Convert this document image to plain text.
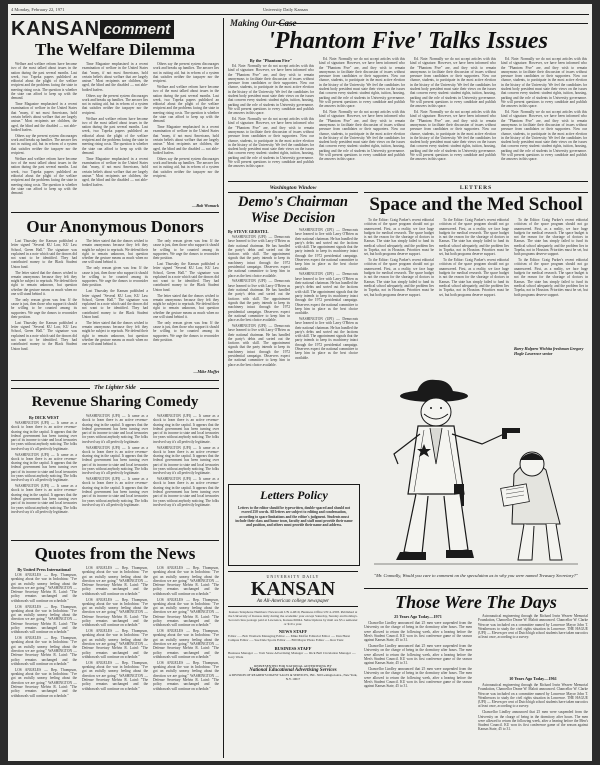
4 Monday, February 22, 1971	University Daily Kansan
KANSAN comment
The Welfare Dilemma

Welfare and welfare reform have become two of the most talked about issues in the nation during the past several months. Last week, two Topeka papers published an editorial about the plight of the welfare recipient and the problems facing the state in meeting rising costs. The question is whether the state can afford to keep up with the demand.

Time Magazine emphasized in a recent examination of welfare in the United States that "many, if not most Americans, hold certain beliefs about welfare that are largely untrue." Most recipients are children, the aged, the blind and the disabled — not able-bodied loafers.

Others say the present system discourages work and breaks up families. The answer lies not in cutting aid, but in reform of a system that satisfies neither the taxpayer nor the recipient.

Welfare and welfare reform have become two of the most talked about issues in the nation during the past several months. Last week, two Topeka papers published an editorial about the plight of the welfare recipient and the problems facing the state in meeting rising costs. The question is whether the state can afford to keep up with the demand.

Time Magazine emphasized in a recent examination of welfare in the United States that "many, if not most Americans, hold certain beliefs about welfare that are largely untrue." Most recipients are children, the aged, the blind and the disabled — not able-bodied loafers.

Others say the present system discourages work and breaks up families. The answer lies not in cutting aid, but in reform of a system that satisfies neither the taxpayer nor the recipient.

Welfare and welfare reform have become two of the most talked about issues in the nation during the past several months. Last week, two Topeka papers published an editorial about the plight of the welfare recipient and the problems facing the state in meeting rising costs. The question is whether the state can afford to keep up with the demand.

Time Magazine emphasized in a recent examination of welfare in the United States that "many, if not most Americans, hold certain beliefs about welfare that are largely untrue." Most recipients are children, the aged, the blind and the disabled — not able-bodied loafers.

Others say the present system discourages work and breaks up families. The answer lies not in cutting aid, but in reform of a system that satisfies neither the taxpayer nor the recipient.

Welfare and welfare reform have become two of the most talked about issues in the nation during the past several months. Last week, two Topeka papers published an editorial about the plight of the welfare recipient and the problems facing the state in meeting rising costs. The question is whether the state can afford to keep up with the demand.

Time Magazine emphasized in a recent examination of welfare in the United States that "many, if not most Americans, hold certain beliefs about welfare that are largely untrue." Most recipients are children, the aged, the blind and the disabled — not able-bodied loafers.

Others say the present system discourages work and breaks up families. The answer lies not in cutting aid, but in reform of a system that satisfies neither the taxpayer nor the recipient.

—Bob Womack
Our Anonymous Donors

Last Thursday the Kansan published a letter signed "Several KU Law, KU Law School, Green Hall." The signature was explained in a note which said the donors did not want to be identified. They had contributed money to the Black Student Union fund.

The letter stated that the donors wished to remain anonymous because they felt they might be subject to reprisals. We defend their right to remain unknown, but question whether the gesture means as much when no one will stand behind it.

The only reason given was fear. If the cause is just, then those who support it should be willing to be counted among its supporters. We urge the donors to reconsider their position.

Last Thursday the Kansan published a letter signed "Several KU Law, KU Law School, Green Hall." The signature was explained in a note which said the donors did not want to be identified. They had contributed money to the Black Student Union fund.

The letter stated that the donors wished to remain anonymous because they felt they might be subject to reprisals. We defend their right to remain unknown, but question whether the gesture means as much when no one will stand behind it.

The only reason given was fear. If the cause is just, then those who support it should be willing to be counted among its supporters. We urge the donors to reconsider their position.

Last Thursday the Kansan published a letter signed "Several KU Law, KU Law School, Green Hall." The signature was explained in a note which said the donors did not want to be identified. They had contributed money to the Black Student Union fund.

The letter stated that the donors wished to remain anonymous because they felt they might be subject to reprisals. We defend their right to remain unknown, but question whether the gesture means as much when no one will stand behind it.

The only reason given was fear. If the cause is just, then those who support it should be willing to be counted among its supporters. We urge the donors to reconsider their position.

Last Thursday the Kansan published a letter signed "Several KU Law, KU Law School, Green Hall." The signature was explained in a note which said the donors did not want to be identified. They had contributed money to the Black Student Union fund.

The letter stated that the donors wished to remain anonymous because they felt they might be subject to reprisals. We defend their right to remain unknown, but question whether the gesture means as much when no one will stand behind it.

The only reason given was fear. If the cause is just, then those who support it should be willing to be counted among its supporters. We urge the donors to reconsider their position.

—Mike Moffet
The Lighter Side
Revenue Sharing Comedy
By DICK WEST

WASHINGTON (UPI) — It came as a shock to learn there is an active revenue-sharing ring in the capital. It appears that the federal government has been turning over part of its income to state and local treasuries for years without anybody noticing. The folks involved say it's all perfectly legitimate.

WASHINGTON (UPI) — It came as a shock to learn there is an active revenue-sharing ring in the capital. It appears that the federal government has been turning over part of its income to state and local treasuries for years without anybody noticing. The folks involved say it's all perfectly legitimate.

WASHINGTON (UPI) — It came as a shock to learn there is an active revenue-sharing ring in the capital. It appears that the federal government has been turning over part of its income to state and local treasuries for years without anybody noticing. The folks involved say it's all perfectly legitimate.

WASHINGTON (UPI) — It came as a shock to learn there is an active revenue-sharing ring in the capital. It appears that the federal government has been turning over part of its income to state and local treasuries for years without anybody noticing. The folks involved say it's all perfectly legitimate.

WASHINGTON (UPI) — It came as a shock to learn there is an active revenue-sharing ring in the capital. It appears that the federal government has been turning over part of its income to state and local treasuries for years without anybody noticing. The folks involved say it's all perfectly legitimate.

WASHINGTON (UPI) — It came as a shock to learn there is an active revenue-sharing ring in the capital. It appears that the federal government has been turning over part of its income to state and local treasuries for years without anybody noticing. The folks involved say it's all perfectly legitimate.

WASHINGTON (UPI) — It came as a shock to learn there is an active revenue-sharing ring in the capital. It appears that the federal government has been turning over part of its income to state and local treasuries for years without anybody noticing. The folks involved say it's all perfectly legitimate.

WASHINGTON (UPI) — It came as a shock to learn there is an active revenue-sharing ring in the capital. It appears that the federal government has been turning over part of its income to state and local treasuries for years without anybody noticing. The folks involved say it's all perfectly legitimate.

WASHINGTON (UPI) — It came as a shock to learn there is an active revenue-sharing ring in the capital. It appears that the federal government has been turning over part of its income to state and local treasuries for years without anybody noticing. The folks involved say it's all perfectly legitimate.

Quotes from the News
By United Press International

LOS ANGELES — Rep. Thompson, speaking about the war in Indochina: "I've got an awfully uneasy feeling about the direction we are going." WASHINGTON — Defense Secretary Melvin R. Laird: "The policy remains unchanged and the withdrawals will continue on schedule."

LOS ANGELES — Rep. Thompson, speaking about the war in Indochina: "I've got an awfully uneasy feeling about the direction we are going." WASHINGTON — Defense Secretary Melvin R. Laird: "The policy remains unchanged and the withdrawals will continue on schedule."

LOS ANGELES — Rep. Thompson, speaking about the war in Indochina: "I've got an awfully uneasy feeling about the direction we are going." WASHINGTON — Defense Secretary Melvin R. Laird: "The policy remains unchanged and the withdrawals will continue on schedule."

LOS ANGELES — Rep. Thompson, speaking about the war in Indochina: "I've got an awfully uneasy feeling about the direction we are going." WASHINGTON — Defense Secretary Melvin R. Laird: "The policy remains unchanged and the withdrawals will continue on schedule."

LOS ANGELES — Rep. Thompson, speaking about the war in Indochina: "I've got an awfully uneasy feeling about the direction we are going." WASHINGTON — Defense Secretary Melvin R. Laird: "The policy remains unchanged and the withdrawals will continue on schedule."

LOS ANGELES — Rep. Thompson, speaking about the war in Indochina: "I've got an awfully uneasy feeling about the direction we are going." WASHINGTON — Defense Secretary Melvin R. Laird: "The policy remains unchanged and the withdrawals will continue on schedule."

LOS ANGELES — Rep. Thompson, speaking about the war in Indochina: "I've got an awfully uneasy feeling about the direction we are going." WASHINGTON — Defense Secretary Melvin R. Laird: "The policy remains unchanged and the withdrawals will continue on schedule."

LOS ANGELES — Rep. Thompson, speaking about the war in Indochina: "I've got an awfully uneasy feeling about the direction we are going." WASHINGTON — Defense Secretary Melvin R. Laird: "The policy remains unchanged and the withdrawals will continue on schedule."

LOS ANGELES — Rep. Thompson, speaking about the war in Indochina: "I've got an awfully uneasy feeling about the direction we are going." WASHINGTON — Defense Secretary Melvin R. Laird: "The policy remains unchanged and the withdrawals will continue on schedule."

LOS ANGELES — Rep. Thompson, speaking about the war in Indochina: "I've got an awfully uneasy feeling about the direction we are going." WASHINGTON — Defense Secretary Melvin R. Laird: "The policy remains unchanged and the withdrawals will continue on schedule."

LOS ANGELES — Rep. Thompson, speaking about the war in Indochina: "I've got an awfully uneasy feeling about the direction we are going." WASHINGTON — Defense Secretary Melvin R. Laird: "The policy remains unchanged and the withdrawals will continue on schedule."

LOS ANGELES — Rep. Thompson, speaking about the war in Indochina: "I've got an awfully uneasy feeling about the direction we are going." WASHINGTON — Defense Secretary Melvin R. Laird: "The policy remains unchanged and the withdrawals will continue on schedule."

Making Our Case
'Phantom Five' Talks Issues
By the "Phantom Five"

Ed. Note: Normally we do not accept articles with this kind of signature. However, we have been informed who the "Phantom Five" are, and they wish to remain anonymous to facilitate their discussion of issues without pressure from candidates or their supporters. Now our chance, students, to participate in the most active election in the history of the University. We feel the candidates for student body president must state their views on the issues that concern every student: student rights, tuition, housing, parking and the role of students in University governance. We will present questions to every candidate and publish the answers in this space.

Ed. Note: Normally we do not accept articles with this kind of signature. However, we have been informed who the "Phantom Five" are, and they wish to remain anonymous to facilitate their discussion of issues without pressure from candidates or their supporters. Now our chance, students, to participate in the most active election in the history of the University. We feel the candidates for student body president must state their views on the issues that concern every student: student rights, tuition, housing, parking and the role of students in University governance. We will present questions to every candidate and publish the answers in this space.

Ed. Note: Normally we do not accept articles with this kind of signature. However, we have been informed who the "Phantom Five" are, and they wish to remain anonymous to facilitate their discussion of issues without pressure from candidates or their supporters. Now our chance, students, to participate in the most active election in the history of the University. We feel the candidates for student body president must state their views on the issues that concern every student: student rights, tuition, housing, parking and the role of students in University governance. We will present questions to every candidate and publish the answers in this space.

Ed. Note: Normally we do not accept articles with this kind of signature. However, we have been informed who the "Phantom Five" are, and they wish to remain anonymous to facilitate their discussion of issues without pressure from candidates or their supporters. Now our chance, students, to participate in the most active election in the history of the University. We feel the candidates for student body president must state their views on the issues that concern every student: student rights, tuition, housing, parking and the role of students in University governance. We will present questions to every candidate and publish the answers in this space.

Ed. Note: Normally we do not accept articles with this kind of signature. However, we have been informed who the "Phantom Five" are, and they wish to remain anonymous to facilitate their discussion of issues without pressure from candidates or their supporters. Now our chance, students, to participate in the most active election in the history of the University. We feel the candidates for student body president must state their views on the issues that concern every student: student rights, tuition, housing, parking and the role of students in University governance. We will present questions to every candidate and publish the answers in this space.

Ed. Note: Normally we do not accept articles with this kind of signature. However, we have been informed who the "Phantom Five" are, and they wish to remain anonymous to facilitate their discussion of issues without pressure from candidates or their supporters. Now our chance, students, to participate in the most active election in the history of the University. We feel the candidates for student body president must state their views on the issues that concern every student: student rights, tuition, housing, parking and the role of students in University governance. We will present questions to every candidate and publish the answers in this space.

Ed. Note: Normally we do not accept articles with this kind of signature. However, we have been informed who the "Phantom Five" are, and they wish to remain anonymous to facilitate their discussion of issues without pressure from candidates or their supporters. Now our chance, students, to participate in the most active election in the history of the University. We feel the candidates for student body president must state their views on the issues that concern every student: student rights, tuition, housing, parking and the role of students in University governance. We will present questions to every candidate and publish the answers in this space.

Ed. Note: Normally we do not accept articles with this kind of signature. However, we have been informed who the "Phantom Five" are, and they wish to remain anonymous to facilitate their discussion of issues without pressure from candidates or their supporters. Now our chance, students, to participate in the most active election in the history of the University. We feel the candidates for student body president must state their views on the issues that concern every student: student rights, tuition, housing, parking and the role of students in University governance. We will present questions to every candidate and publish the answers in this space.

Washington Window
Demo's Chairman Wise Decision
By STEVE GERSTEL

WASHINGTON (UPI) — Democrats have learned to live with Larry O'Brien as their national chairman. He has handled the party's debts and sorted out the factions with skill. The appointment signals that the party intends to keep its machinery intact through the 1972 presidential campaign. Observers expect the national committee to keep him in place as the best choice available.

WASHINGTON (UPI) — Democrats have learned to live with Larry O'Brien as their national chairman. He has handled the party's debts and sorted out the factions with skill. The appointment signals that the party intends to keep its machinery intact through the 1972 presidential campaign. Observers expect the national committee to keep him in place as the best choice available.

WASHINGTON (UPI) — Democrats have learned to live with Larry O'Brien as their national chairman. He has handled the party's debts and sorted out the factions with skill. The appointment signals that the party intends to keep its machinery intact through the 1972 presidential campaign. Observers expect the national committee to keep him in place as the best choice available.

WASHINGTON (UPI) — Democrats have learned to live with Larry O'Brien as their national chairman. He has handled the party's debts and sorted out the factions with skill. The appointment signals that the party intends to keep its machinery intact through the 1972 presidential campaign. Observers expect the national committee to keep him in place as the best choice available.

WASHINGTON (UPI) — Democrats have learned to live with Larry O'Brien as their national chairman. He has handled the party's debts and sorted out the factions with skill. The appointment signals that the party intends to keep its machinery intact through the 1972 presidential campaign. Observers expect the national committee to keep him in place as the best choice available.

WASHINGTON (UPI) — Democrats have learned to live with Larry O'Brien as their national chairman. He has handled the party's debts and sorted out the factions with skill. The appointment signals that the party intends to keep its machinery intact through the 1972 presidential campaign. Observers expect the national committee to keep him in place as the best choice available.

LETTERS
Space and the Med School

To the Editor: Craig Parker's recent editorial criticism of the space program should not go unanswered. First, as a reality, we face huge budgets for medical research. The space budget is not the reason for the shortage of doctors in Kansas. The state has simply failed to fund its medical school adequately, and the problem lies in Topeka, not in Houston. Priorities must be set, but both programs deserve support.

To the Editor: Craig Parker's recent editorial criticism of the space program should not go unanswered. First, as a reality, we face huge budgets for medical research. The space budget is not the reason for the shortage of doctors in Kansas. The state has simply failed to fund its medical school adequately, and the problem lies in Topeka, not in Houston. Priorities must be set, but both programs deserve support.

To the Editor: Craig Parker's recent editorial criticism of the space program should not go unanswered. First, as a reality, we face huge budgets for medical research. The space budget is not the reason for the shortage of doctors in Kansas. The state has simply failed to fund its medical school adequately, and the problem lies in Topeka, not in Houston. Priorities must be set, but both programs deserve support.

To the Editor: Craig Parker's recent editorial criticism of the space program should not go unanswered. First, as a reality, we face huge budgets for medical research. The space budget is not the reason for the shortage of doctors in Kansas. The state has simply failed to fund its medical school adequately, and the problem lies in Topeka, not in Houston. Priorities must be set, but both programs deserve support.

To the Editor: Craig Parker's recent editorial criticism of the space program should not go unanswered. First, as a reality, we face huge budgets for medical research. The space budget is not the reason for the shortage of doctors in Kansas. The state has simply failed to fund its medical school adequately, and the problem lies in Topeka, not in Houston. Priorities must be set, but both programs deserve support.

To the Editor: Craig Parker's recent editorial criticism of the space program should not go unanswered. First, as a reality, we face huge budgets for medical research. The space budget is not the reason for the shortage of doctors in Kansas. The state has simply failed to fund its medical school adequately, and the problem lies in Topeka, not in Houston. Priorities must be set, but both programs deserve support.

Barry Halpern Wichita freshman Gregory Hogle Lawrence senior
Letters Policy
Letters to the editor should be typewritten, double-spaced and should not exceed 250 words. All letters are subject to editing and condensation, according to space limitations and the editor's judgment. Students must include their class and home town, faculty and staff must provide their name and position, and others must provide their name and address.
UNIVERSITY DAILY
KANSAN
An All-American college newspaper
Kansas Telephone Numbers: Newsroom UN 4-4810, Business Office UN 4-4358. Published at the University of Kansas daily during the academic year except Saturday, Sunday and holidays. Second class postage paid at Lawrence, Kansas 66044. Subscriptions by mail are $5 a semester or $10 a year.
NEWS STAFF
Editor ..... Bob Womack Managing Editor ..... Mike Moffet Editorial Editor ..... Dan Hurst Campus Editor ..... Sue Dale Sports Editor ..... Bill Mayer Photo Editor ..... Ron Tietz
BUSINESS STAFF
Business Manager ..... Tom Stone Advertising Manager ..... Rick Bell Circulation Manager ..... Gary Wade
REPRESENTED FOR NATIONAL ADVERTISING BY
National Educational Advertising Services
A DIVISION OF READER'S DIGEST SALES & SERVICES, INC. 360 Lexington Ave., New York, N.Y. 10017
"Mr. Connally, Would you care to comment on the speculation as to why you were named Treasury Secretary?"
Those Were The Days
25 Years Ago Today—1971

Chancellor Lindley announced that 25 men were suspended from the University on the charge of being in the dormitory after hours. The men were allowed to return the following week, after a hearing before the Men's Student Council. KU won its first conference game of the season against Kansas State, 45 to 31.

Chancellor Lindley announced that 25 men were suspended from the University on the charge of being in the dormitory after hours. The men were allowed to return the following week, after a hearing before the Men's Student Council. KU won its first conference game of the season against Kansas State, 45 to 31.

Chancellor Lindley announced that 25 men were suspended from the University on the charge of being in the dormitory after hours. The men were allowed to return the following week, after a hearing before the Men's Student Council. KU won its first conference game of the season against Kansas State, 45 to 31.

Astronautical engineering through the Richard Irwin Weaver Memorial Foundation, Chancellor Deane W. Malott announced. Chancellor W. Clarke Wescoe was included on a committee named by Lawrence Mayor John T. Weatherwax to study the civil rights situation in Lawrence. THE HAGUE (UPI) — Eleven per cent of Dutch high school students have taken narcotics at least once, according to a survey.

10 Years Ago Today—1961

Astronautical engineering through the Richard Irwin Weaver Memorial Foundation, Chancellor Deane W. Malott announced. Chancellor W. Clarke Wescoe was included on a committee named by Lawrence Mayor John T. Weatherwax to study the civil rights situation in Lawrence. THE HAGUE (UPI) — Eleven per cent of Dutch high school students have taken narcotics at least once, according to a survey.

Chancellor Lindley announced that 25 men were suspended from the University on the charge of being in the dormitory after hours. The men were allowed to return the following week, after a hearing before the Men's Student Council. KU won its first conference game of the season against Kansas State, 45 to 31.
